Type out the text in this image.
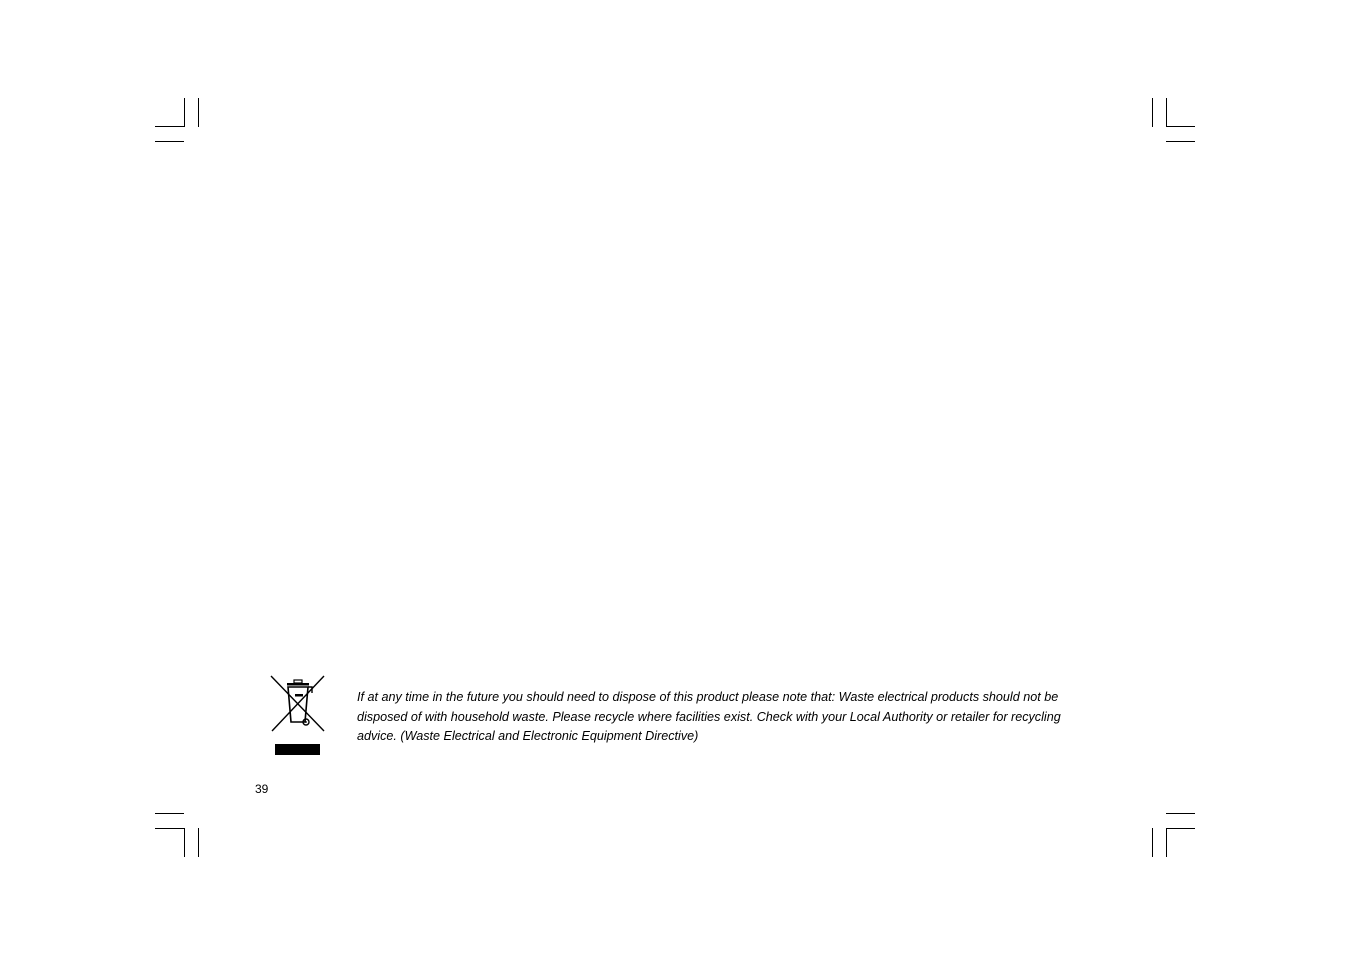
If at any time in the future you should need to dispose of this product please note that: Waste electrical products should not be disposed of with household waste. Please recycle where facilities exist. Check with your Local Authority or retailer for recycling advice. (Waste Electrical and Electronic Equipment Directive)

39
